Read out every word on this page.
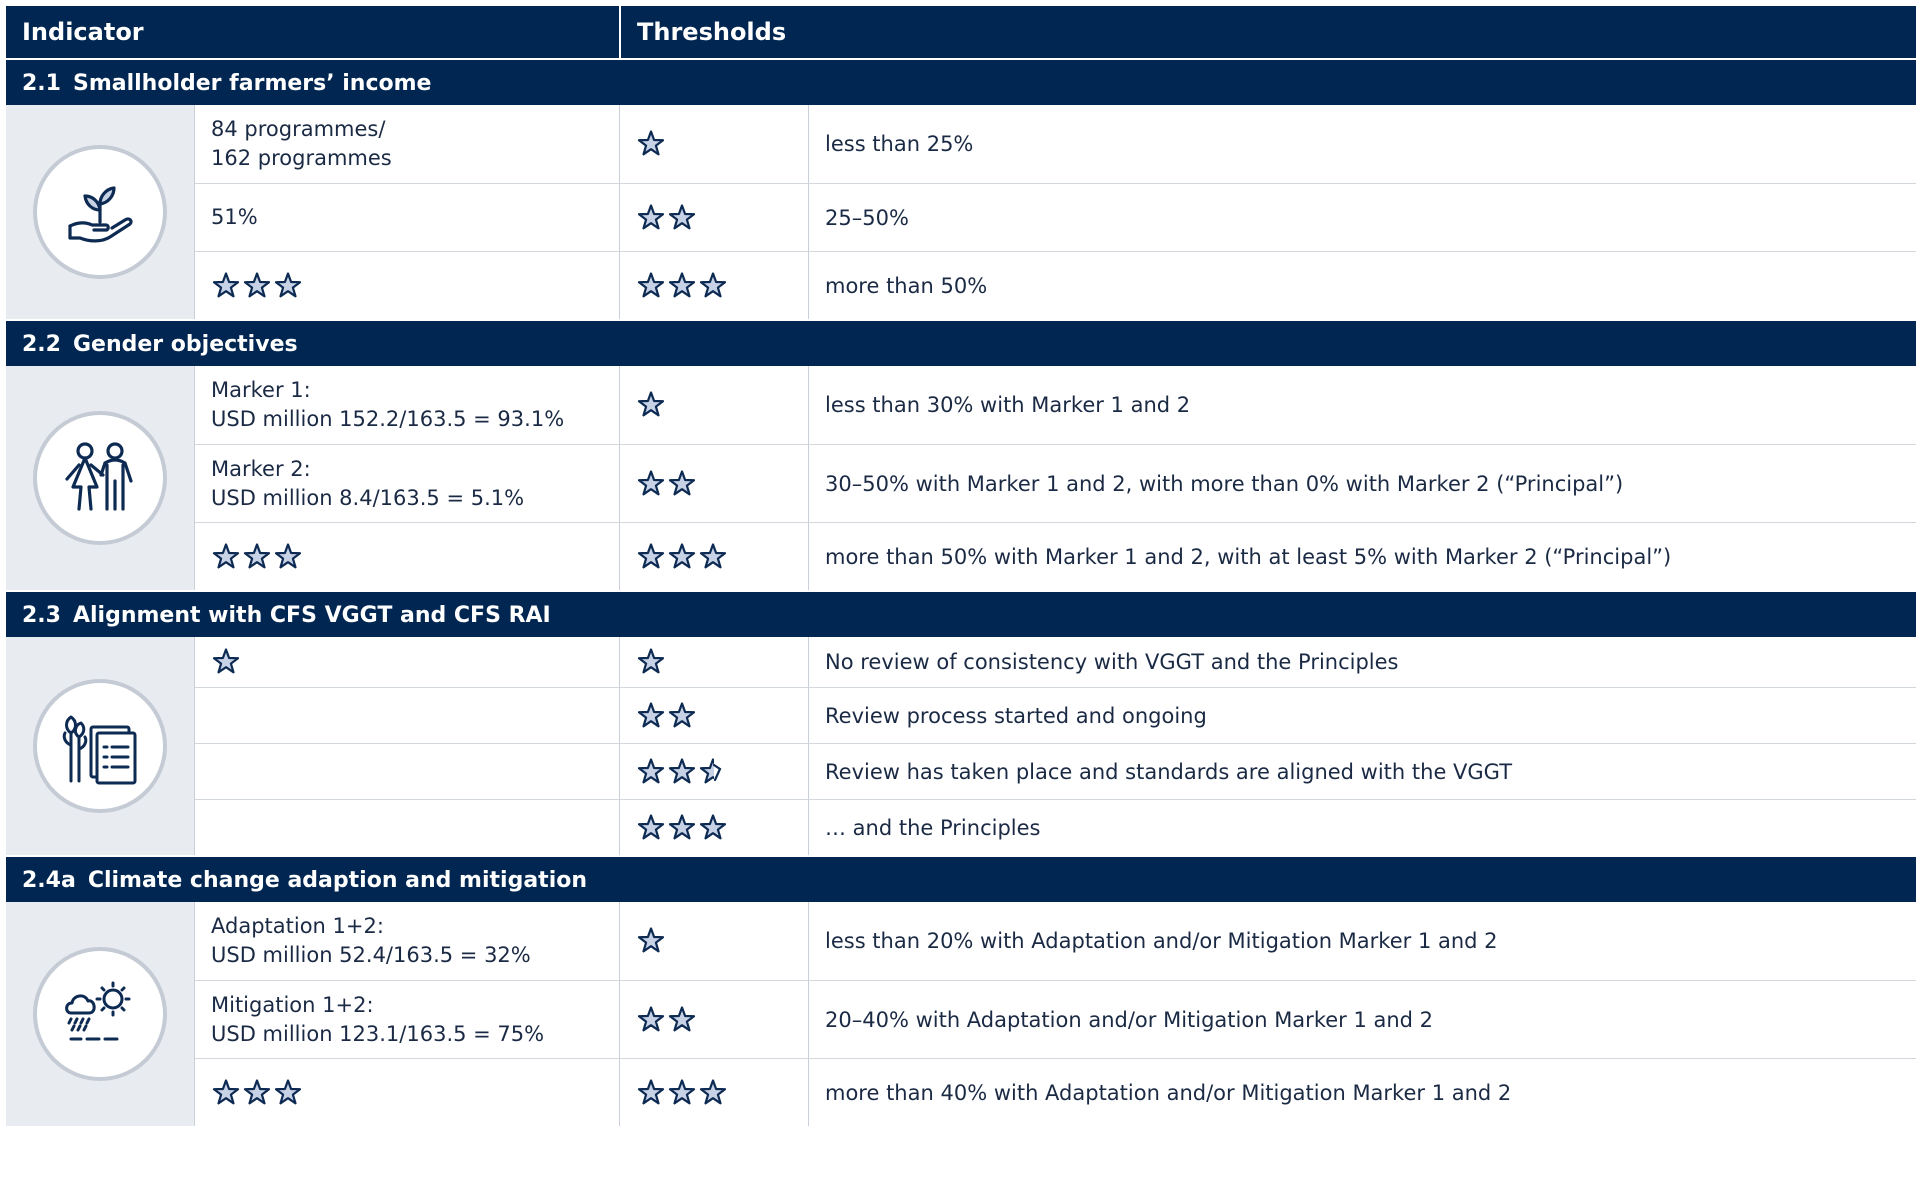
Indicator	Thresholds
2.1 Smallholder farmers’ income
84 programmes/
162 programmes
less than 25%
51%	25–50%
more than 50%
2.2 Gender objectives
Marker 1:
USD million 152.2/163.5 = 93.1%
less than 30% with Marker 1 and 2
Marker 2:
USD million 8.4/163.5 = 5.1%
30–50% with Marker 1 and 2, with more than 0% with Marker 2 (“Principal”)
more than 50% with Marker 1 and 2, with at least 5% with Marker 2 (“Principal”)
2.3 Alignment with CFS VGGT and CFS RAI
No review of consistency with VGGT and the Principles
Review process started and ongoing
Review has taken place and standards are aligned with the VGGT
… and the Principles
2.4a Climate change adaption and mitigation
Adaptation 1+2:
USD million 52.4/163.5 = 32%
less than 20% with Adaptation and/or Mitigation Marker 1 and 2
Mitigation 1+2:
USD million 123.1/163.5 = 75%
20–40% with Adaptation and/or Mitigation Marker 1 and 2
more than 40% with Adaptation and/or Mitigation Marker 1 and 2
